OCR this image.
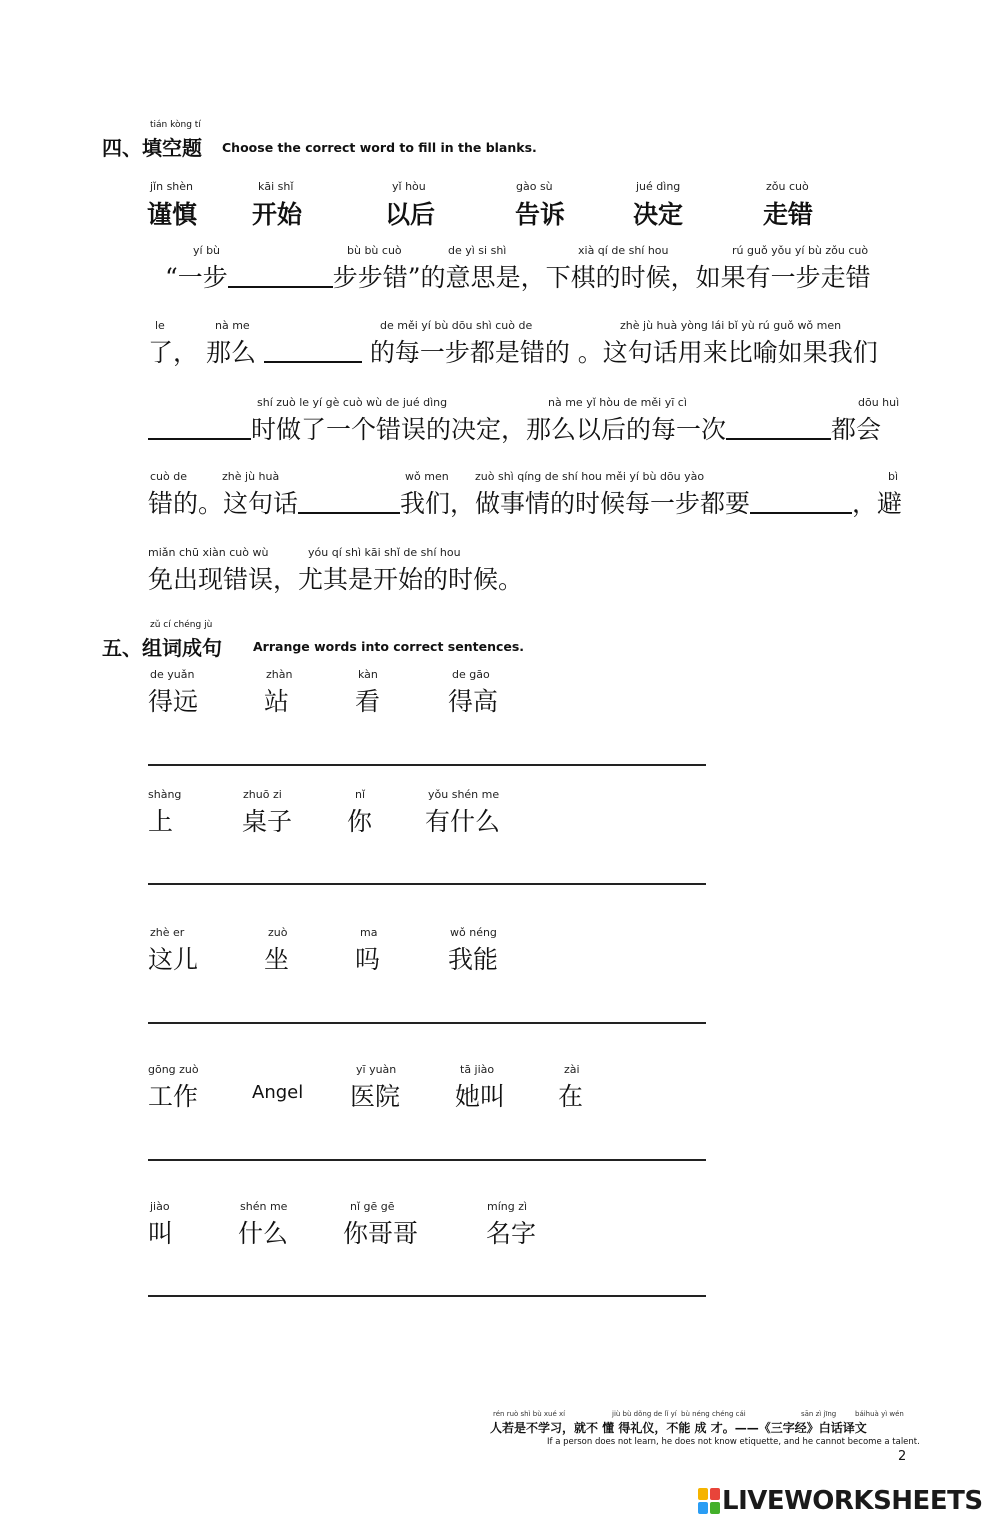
tián kòng tí
四、填空题 Choose the correct word to fill in the blanks.
jǐn shèn
谨慎
kāi shǐ
开始
yǐ hòu
以后
gào sù
告诉
jué dìng
决定
zǒu cuò
走错
yí bù	bù bù cuò	de yì si shì	xià qí de shí hou	rú guǒ yǒu yí bù zǒu cuò
“一步	步步错”的意思是，下棋的时候，如果有一步走错
le	nà me	de měi yí bù dōu shì cuò de	zhè jù huà yòng lái bǐ yù rú guǒ wǒ men
了， 那么	的每一步都是错的 。这句话用来比喻如果我们
shí zuò le yí gè cuò wù de jué dìng	nà me yǐ hòu de měi yī cì	dōu huì
时做了一个错误的决定，那么以后的每一次	都会
cuò de	zhè jù huà	wǒ men zuò shì qíng de shí hou měi yí bù dōu yào	bì
错的。这句话	我们，做事情的时候每一步都要	，避
miǎn chū xiàn cuò wù	yóu qí shì kāi shǐ de shí hou
免出现错误，尤其是开始的时候。
zǔ cí chéng jù
五、组词成句 Arrange words into correct sentences.
de yuǎn
得远
zhàn
站
kàn
看
de gāo
得高
shàng
上
zhuō zi
桌子
nǐ
你
yǒu shén me
有什么
zhè er
这儿
zuò
坐
ma
吗
wǒ néng
我能
gōng zuò
工作	Angel
yī yuàn
医院
tā jiào
她叫
zài
在
jiào
叫
shén me
什么
nǐ gē gē
你哥哥
míng zì
名字
rén ruò shì bù xué xí	jiù bù dǒng de lǐ yí bù néng chéng cái	sān zì jīng	báihuà yì wén
人若是不学习，就不 懂 得礼仪，不能 成 才。——《三字经》白话译文
If a person does not learn, he does not know etiquette, and he cannot become a talent.
2
LIVEWORKSHEETS
